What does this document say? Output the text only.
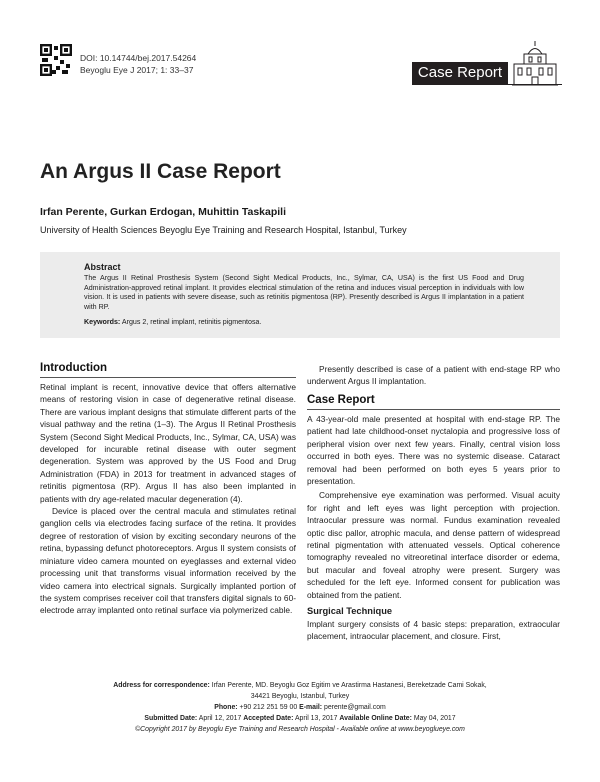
DOI: 10.14744/bej.2017.54264
Beyoglu Eye J 2017; 1: 33–37	Case Report
An Argus II Case Report
Irfan Perente, Gurkan Erdogan, Muhittin Taskapili
University of Health Sciences Beyoglu Eye Training and Research Hospital, Istanbul, Turkey
Abstract
The Argus II Retinal Prosthesis System (Second Sight Medical Products, Inc., Sylmar, CA, USA) is the first US Food and Drug Administration-approved retinal implant. It provides electrical stimulation of the retina and induces visual perception in individuals with low vision. It is used in patients with severe disease, such as retinitis pigmentosa (RP). Presently described is Argus II implantation in a patient with RP.
Keywords: Argus 2, retinal implant, retinitis pigmentosa.
Introduction

Retinal implant is recent, innovative device that offers alternative means of restoring vision in case of degenerative retinal disease. There are various implant designs that stimulate different parts of the visual pathway and the retina (1–3). The Argus II Retinal Prosthesis System (Second Sight Medical Products, Inc., Sylmar, CA, USA) was developed for incurable retinal disease with outer segment degeneration. System was approved by the US Food and Drug Administration (FDA) in 2013 for treatment in advanced stages of retinitis pigmentosa (RP). Argus II has also been implanted in patients with dry age-related macular degeneration (4).

Device is placed over the central macula and stimulates retinal ganglion cells via electrodes facing surface of the retina. It provides degree of restoration of vision by exciting secondary neurons of the retina, bypassing defunct photoreceptors. Argus II system consists of miniature video camera mounted on eyeglasses and external video processing unit that transforms visual information received by the video camera into electrical signals. Surgically implanted portion of the system comprises receiver coil that transfers digital signals to 60-electrode array implanted onto retinal surface via polymerized cable.

Presently described is case of a patient with end-stage RP who underwent Argus II implantation.

Case Report

A 43-year-old male presented at hospital with end-stage RP. The patient had late childhood-onset nyctalopia and progressive loss of peripheral vision over next few years. Finally, central vision loss occurred in both eyes. There was no systemic disease. Cataract removal had been performed on both eyes 5 years prior to presentation.

Comprehensive eye examination was performed. Visual acuity for right and left eyes was light perception with projection. Intraocular pressure was normal. Fundus examination revealed optic disc pallor, atrophic macula, and dense pattern of widespread retinal pigmentation with attenuated vessels. Optical coherence tomography revealed no vitreoretinal interface disorder or edema, but macular and foveal atrophy were present. Surgery was scheduled for the left eye. Informed consent for publication was obtained from the patient.

Surgical Technique

Implant surgery consists of 4 basic steps: preparation, extraocular placement, intraocular placement, and closure. First,

Address for correspondence: Irfan Perente, MD. Beyoglu Goz Egitim ve Arastirma Hastanesi, Bereketzade Cami Sokak,
34421 Beyoglu, Istanbul, Turkey
Phone: +90 212 251 59 00 E-mail: perente@gmail.com
Submitted Date: April 12, 2017 Accepted Date: April 13, 2017 Available Online Date: May 04, 2017
©Copyright 2017 by Beyoglu Eye Training and Research Hospital - Available online at www.beyoglueye.com
